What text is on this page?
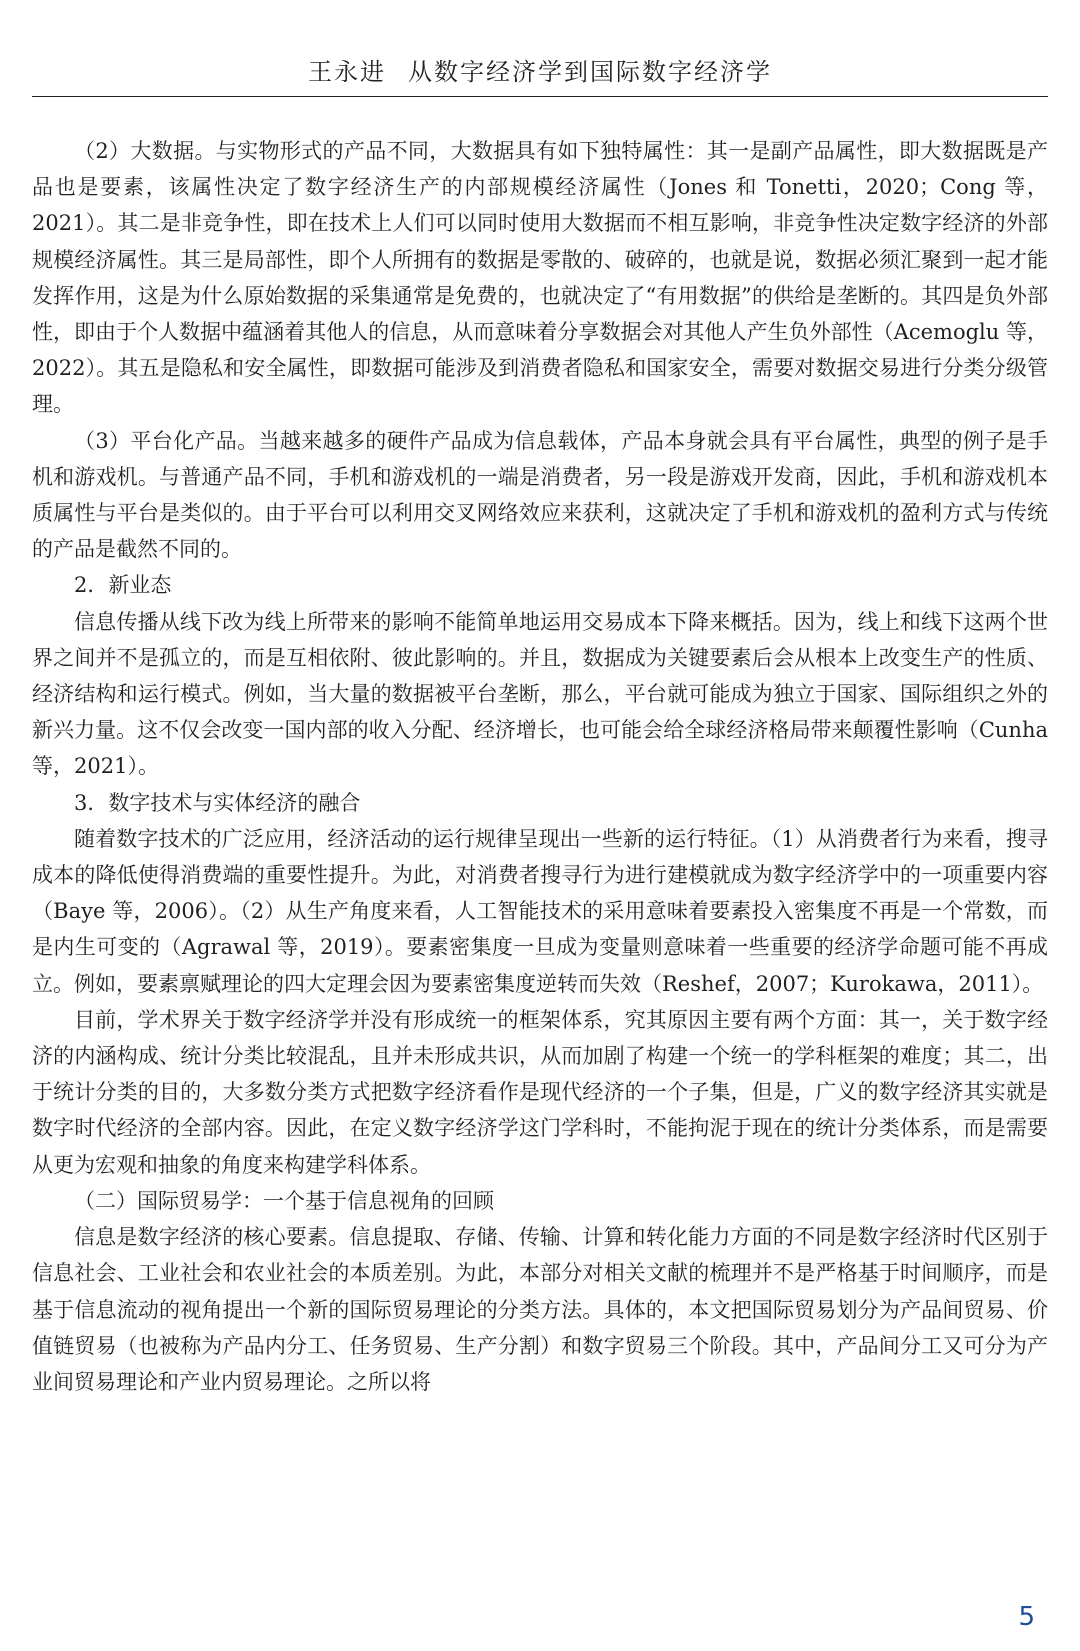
王永进 从数字经济学到国际数字经济学

（2）大数据。与实物形式的产品不同，大数据具有如下独特属性：其一是副产品属性，即大数据既是产品也是要素，该属性决定了数字经济生产的内部规模经济属性（Jones 和 Tonetti，2020；Cong 等，2021）。其二是非竞争性，即在技术上人们可以同时使用大数据而不相互影响，非竞争性决定数字经济的外部规模经济属性。其三是局部性，即个人所拥有的数据是零散的、破碎的，也就是说，数据必须汇聚到一起才能发挥作用，这是为什么原始数据的采集通常是免费的，也就决定了“有用数据”的供给是垄断的。其四是负外部性，即由于个人数据中蕴涵着其他人的信息，从而意味着分享数据会对其他人产生负外部性（Acemoglu 等，2022）。其五是隐私和安全属性，即数据可能涉及到消费者隐私和国家安全，需要对数据交易进行分类分级管理。

（3）平台化产品。当越来越多的硬件产品成为信息载体，产品本身就会具有平台属性，典型的例子是手机和游戏机。与普通产品不同，手机和游戏机的一端是消费者，另一段是游戏开发商，因此，手机和游戏机本质属性与平台是类似的。由于平台可以利用交叉网络效应来获利，这就决定了手机和游戏机的盈利方式与传统的产品是截然不同的。

2．新业态

信息传播从线下改为线上所带来的影响不能简单地运用交易成本下降来概括。因为，线上和线下这两个世界之间并不是孤立的，而是互相依附、彼此影响的。并且，数据成为关键要素后会从根本上改变生产的性质、经济结构和运行模式。例如，当大量的数据被平台垄断，那么，平台就可能成为独立于国家、国际组织之外的新兴力量。这不仅会改变一国内部的收入分配、经济增长，也可能会给全球经济格局带来颠覆性影响（Cunha 等，2021）。

3．数字技术与实体经济的融合

随着数字技术的广泛应用，经济活动的运行规律呈现出一些新的运行特征。（1）从消费者行为来看，搜寻成本的降低使得消费端的重要性提升。为此，对消费者搜寻行为进行建模就成为数字经济学中的一项重要内容（Baye 等，2006）。（2）从生产角度来看，人工智能技术的采用意味着要素投入密集度不再是一个常数，而是内生可变的（Agrawal 等，2019）。要素密集度一旦成为变量则意味着一些重要的经济学命题可能不再成立。例如，要素禀赋理论的四大定理会因为要素密集度逆转而失效（Reshef，2007；Kurokawa，2011）。

目前，学术界关于数字经济学并没有形成统一的框架体系，究其原因主要有两个方面：其一，关于数字经济的内涵构成、统计分类比较混乱，且并未形成共识，从而加剧了构建一个统一的学科框架的难度；其二，出于统计分类的目的，大多数分类方式把数字经济看作是现代经济的一个子集，但是，广义的数字经济其实就是数字时代经济的全部内容。因此，在定义数字经济学这门学科时，不能拘泥于现在的统计分类体系，而是需要从更为宏观和抽象的角度来构建学科体系。

（二）国际贸易学：一个基于信息视角的回顾

信息是数字经济的核心要素。信息提取、存储、传输、计算和转化能力方面的不同是数字经济时代区别于信息社会、工业社会和农业社会的本质差别。为此，本部分对相关文献的梳理并不是严格基于时间顺序，而是基于信息流动的视角提出一个新的国际贸易理论的分类方法。具体的，本文把国际贸易划分为产品间贸易、价值链贸易（也被称为产品内分工、任务贸易、生产分割）和数字贸易三个阶段。其中，产品间分工又可分为产业间贸易理论和产业内贸易理论。之所以将

5
